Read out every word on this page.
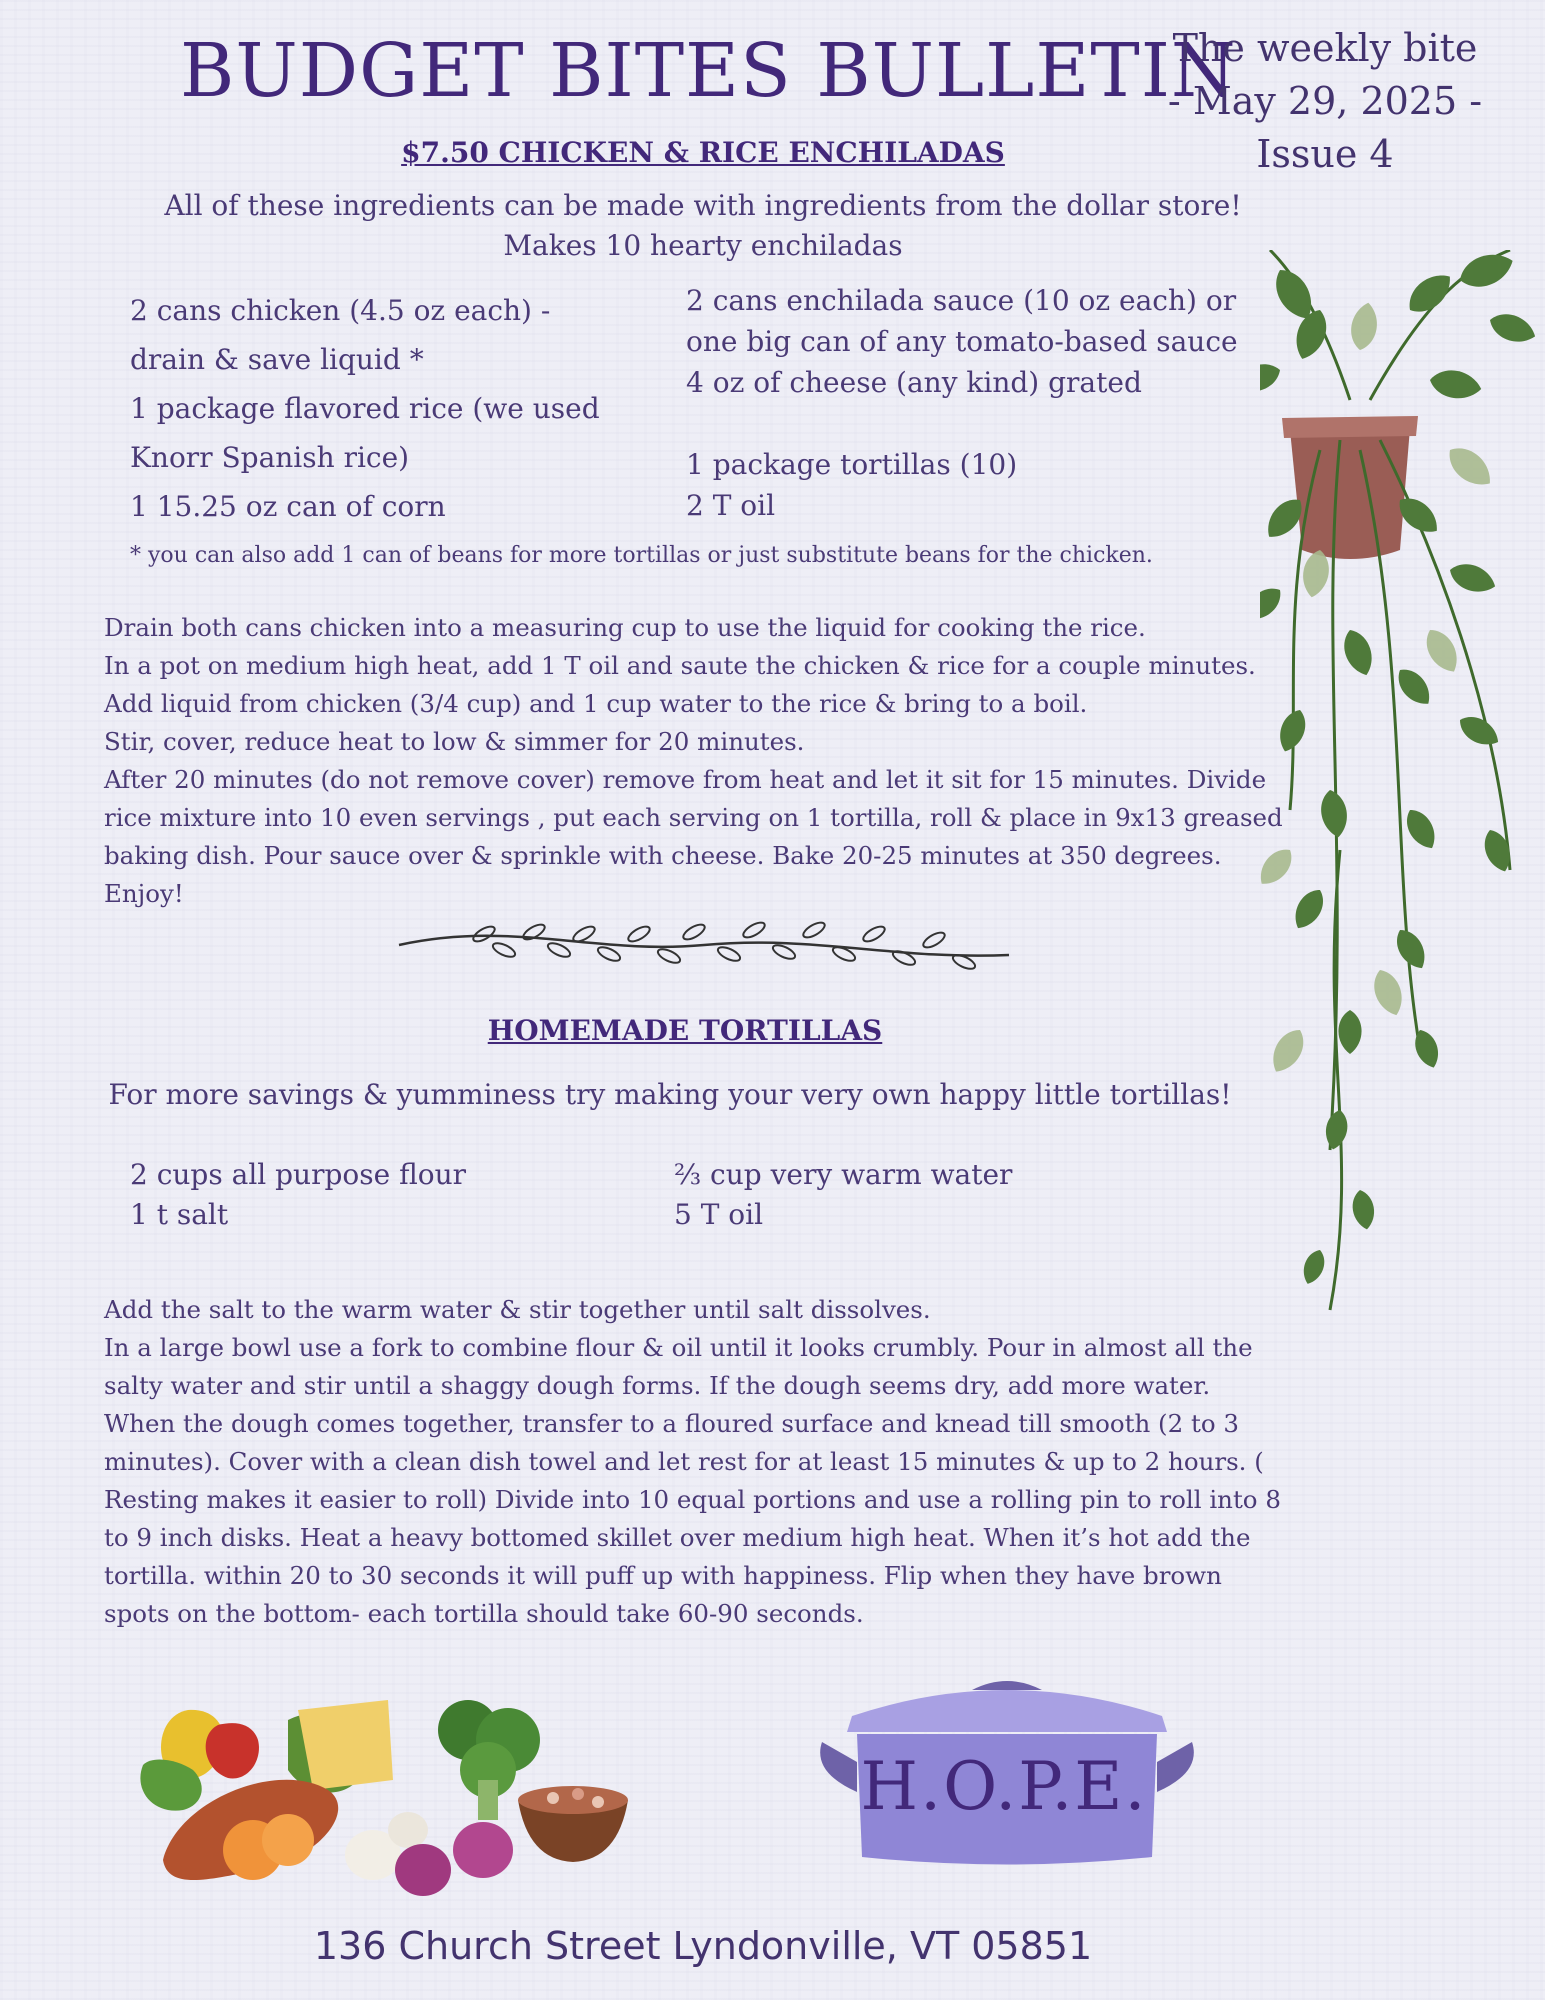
BUDGET BITES BULLETIN
The weekly bite
- May 29, 2025 -
Issue 4
$7.50 CHICKEN & RICE ENCHILADAS
All of these ingredients can be made with ingredients from the dollar store!
Makes 10 hearty enchiladas
2 cans chicken (4.5 oz each) -
drain & save liquid *
1 package flavored rice (we used
Knorr Spanish rice)
1 15.25 oz can of corn
2 cans enchilada sauce (10 oz each) or
one big can of any tomato-based sauce
4 oz of cheese (any kind) grated
1 package tortillas (10)
2 T oil
* you can also add 1 can of beans for more tortillas or just substitute beans for the chicken.
Drain both cans chicken into a measuring cup to use the liquid for cooking the rice.
In a pot on medium high heat, add 1 T oil and saute the chicken & rice for a couple minutes.
Add liquid from chicken (3/4 cup) and 1 cup water to the rice & bring to a boil.
Stir, cover, reduce heat to low & simmer for 20 minutes.
After 20 minutes (do not remove cover) remove from heat and let it sit for 15 minutes. Divide
rice mixture into 10 even servings , put each serving on 1 tortilla, roll & place in 9x13 greased
baking dish. Pour sauce over & sprinkle with cheese. Bake 20-25 minutes at 350 degrees.
Enjoy!
HOMEMADE TORTILLAS
For more savings & yumminess try making your very own happy little tortillas!
2 cups all purpose flour
1 t salt
⅔ cup very warm water
5 T oil
Add the salt to the warm water & stir together until salt dissolves.
In a large bowl use a fork to combine flour & oil until it looks crumbly. Pour in almost all the
salty water and stir until a shaggy dough forms. If the dough seems dry, add more water.
When the dough comes together, transfer to a floured surface and knead till smooth (2 to 3
minutes). Cover with a clean dish towel and let rest for at least 15 minutes & up to 2 hours. (
Resting makes it easier to roll) Divide into 10 equal portions and use a rolling pin to roll into 8
to 9 inch disks. Heat a heavy bottomed skillet over medium high heat. When it’s hot add the
tortilla. within 20 to 30 seconds it will puff up with happiness. Flip when they have brown
spots on the bottom- each tortilla should take 60-90 seconds.
H.O.P.E.
136 Church Street Lyndonville, VT 05851
